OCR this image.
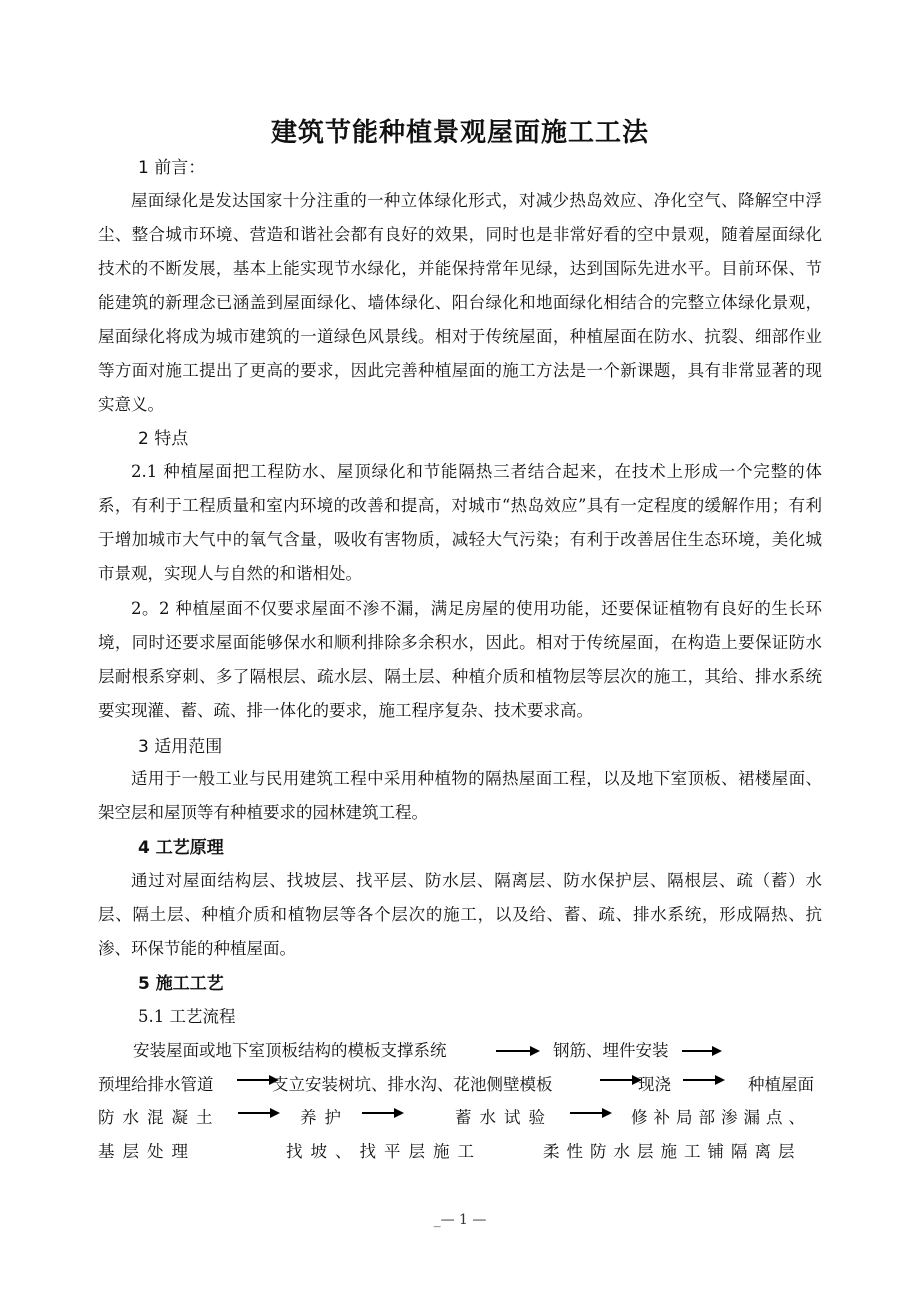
建筑节能种植景观屋面施工工法
1 前言：

屋面绿化是发达国家十分注重的一种立体绿化形式，对减少热岛效应、净化空气、降解空中浮尘、整合城市环境、营造和谐社会都有良好的效果，同时也是非常好看的空中景观，随着屋面绿化技术的不断发展，基本上能实现节水绿化，并能保持常年见绿，达到国际先进水平。目前环保、节能建筑的新理念已涵盖到屋面绿化、墙体绿化、阳台绿化和地面绿化相结合的完整立体绿化景观，屋面绿化将成为城市建筑的一道绿色风景线。相对于传统屋面，种植屋面在防水、抗裂、细部作业等方面对施工提出了更高的要求，因此完善种植屋面的施工方法是一个新课题，具有非常显著的现实意义。

2 特点

2.1 种植屋面把工程防水、屋顶绿化和节能隔热三者结合起来，在技术上形成一个完整的体系，有利于工程质量和室内环境的改善和提高，对城市“热岛效应”具有一定程度的缓解作用；有利于增加城市大气中的氧气含量，吸收有害物质，减轻大气污染；有利于改善居住生态环境，美化城市景观，实现人与自然的和谐相处。

2。2 种植屋面不仅要求屋面不渗不漏，满足房屋的使用功能，还要保证植物有良好的生长环境，同时还要求屋面能够保水和顺利排除多余积水，因此。相对于传统屋面，在构造上要保证防水层耐根系穿刺、多了隔根层、疏水层、隔土层、种植介质和植物层等层次的施工，其给、排水系统要实现灌、蓄、疏、排一体化的要求，施工程序复杂、技术要求高。

3 适用范围

适用于一般工业与民用建筑工程中采用种植物的隔热屋面工程，以及地下室顶板、裙楼屋面、架空层和屋顶等有种植要求的园林建筑工程。

4 工艺原理

通过对屋面结构层、找坡层、找平层、防水层、隔离层、防水保护层、隔根层、疏（蓄）水层、隔土层、种植介质和植物层等各个层次的施工，以及给、蓄、疏、排水系统，形成隔热、抗渗、环保节能的种植屋面。

5 施工工艺
5.1 工艺流程
安装屋面或地下室顶板结构的模板支撑系统	钢筋、埋件安装
预埋给排水管道	支立安装树坑、排水沟、花池侧壁模板	现浇	种植屋面
防水混凝土	养护	蓄水试验	修补局部渗漏点、
基层处理	找坡、找平层施工	柔性防水层施工铺隔离层
_— 1 —
